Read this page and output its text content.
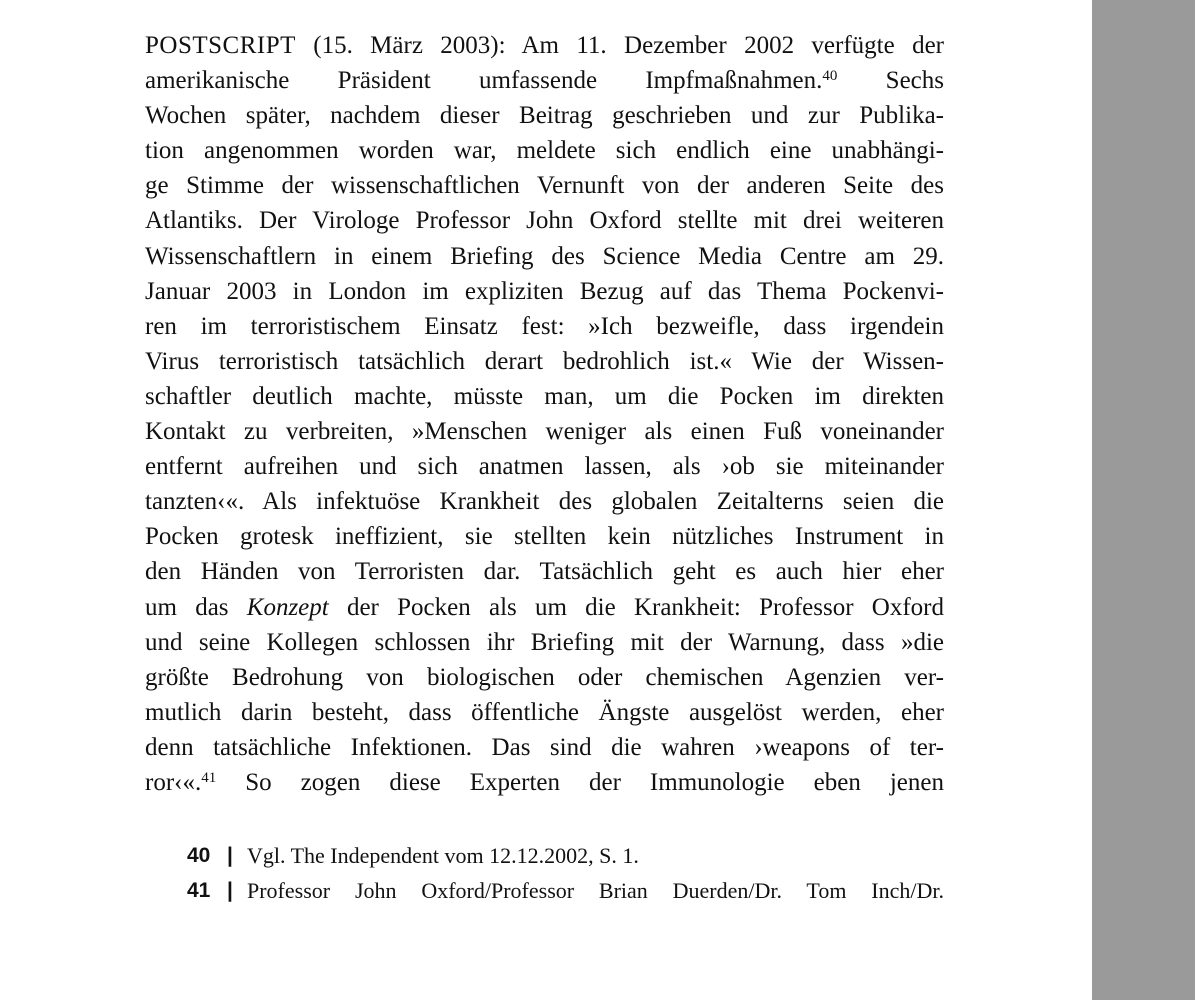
POSTSCRIPT (15. März 2003): Am 11. Dezember 2002 verfügte der
amerikanische Präsident umfassende Impfmaßnahmen.$^{40}$ Sechs
Wochen später, nachdem dieser Beitrag geschrieben und zur Publika-
tion angenommen worden war, meldete sich endlich eine unabhängi-
ge Stimme der wissenschaftlichen Vernunft von der anderen Seite des
Atlantiks. Der Virologe Professor John Oxford stellte mit drei weiteren
Wissenschaftlern in einem Briefing des Science Media Centre am 29.
Januar 2003 in London im expliziten Bezug auf das Thema Pockenvi-
ren im terroristischem Einsatz fest: »Ich bezweifle, dass irgendein
Virus terroristisch tatsächlich derart bedrohlich ist.« Wie der Wissen-
schaftler deutlich machte, müsste man, um die Pocken im direkten
Kontakt zu verbreiten, »Menschen weniger als einen Fuß voneinander
entfernt aufreihen und sich anatmen lassen, als ›ob sie miteinander
tanzten‹«. Als infektuöse Krankheit des globalen Zeitalterns seien die
Pocken grotesk ineffizient, sie stellten kein nützliches Instrument in
den Händen von Terroristen dar. Tatsächlich geht es auch hier eher
um das Konzept der Pocken als um die Krankheit: Professor Oxford
und seine Kollegen schlossen ihr Briefing mit der Warnung, dass »die
größte Bedrohung von biologischen oder chemischen Agenzien ver-
mutlich darin besteht, dass öffentliche Ängste ausgelöst werden, eher
denn tatsächliche Infektionen. Das sind die wahren ›weapons of ter-
ror‹«.$^{41}$ So zogen diese Experten der Immunologie eben jenen
40 | Vgl. The Independent vom 12.12.2002, S. 1.
41 | Professor John Oxford/Professor Brian Duerden/Dr. Tom Inch/Dr.
